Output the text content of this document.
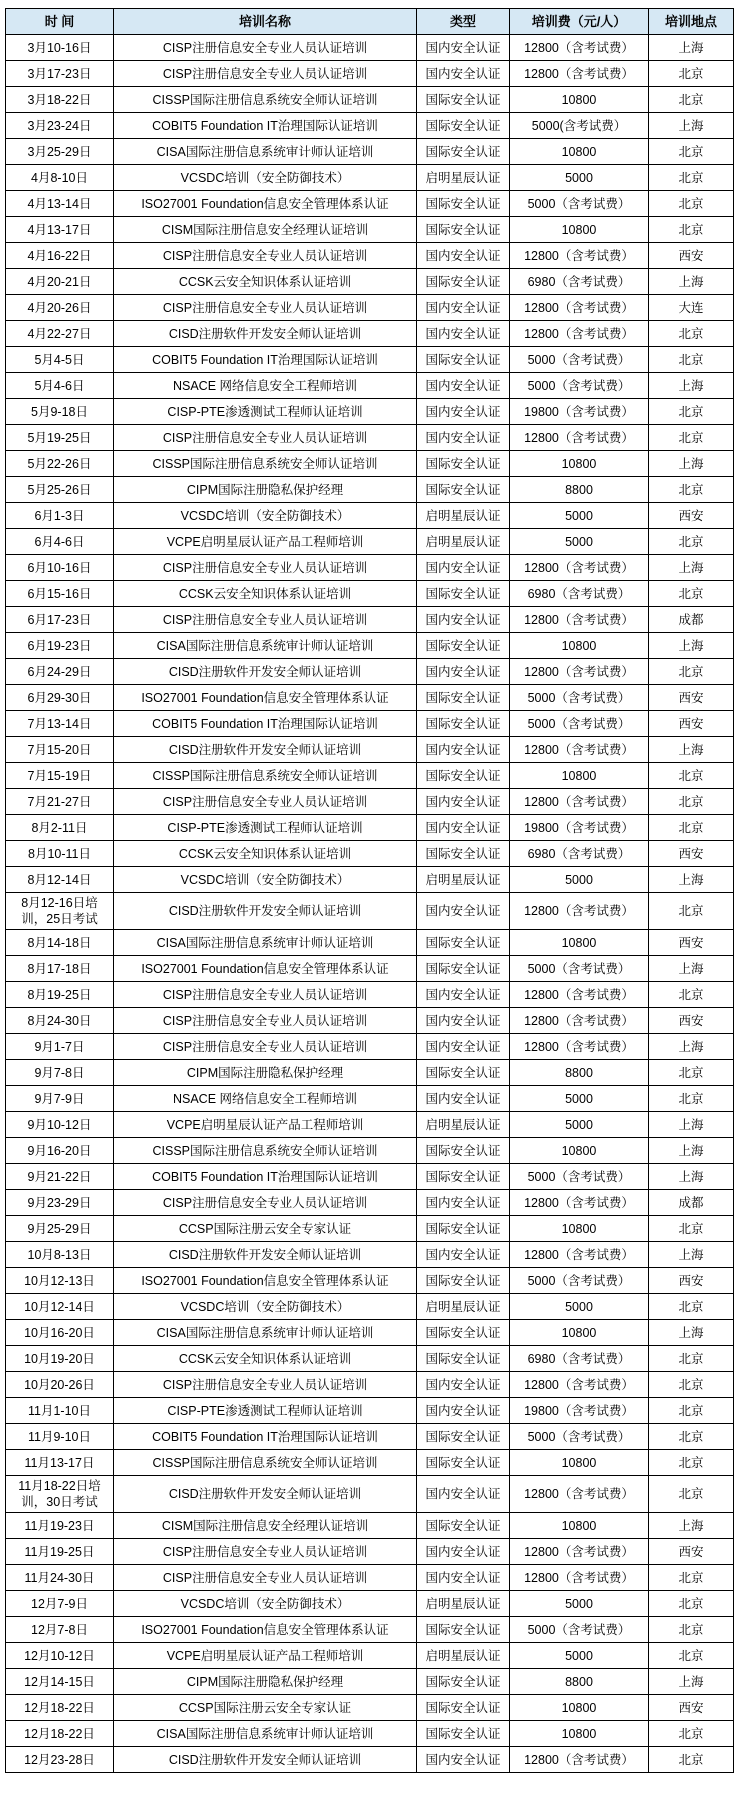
时 间	培训名称	类型	培训费（元/人）	培训地点
3月10-16日	CISP注册信息安全专业人员认证培训	国内安全认证	12800（含考试费）	上海
3月17-23日	CISP注册信息安全专业人员认证培训	国内安全认证	12800（含考试费）	北京
3月18-22日	CISSP国际注册信息系统安全师认证培训	国际安全认证	10800	北京
3月23-24日	COBIT5 Foundation IT治理国际认证培训	国际安全认证	5000(含考试费）	上海
3月25-29日	CISA国际注册信息系统审计师认证培训	国际安全认证	10800	北京
4月8-10日	VCSDC培训（安全防御技术）	启明星辰认证	5000	北京
4月13-14日	ISO27001 Foundation信息安全管理体系认证	国际安全认证	5000（含考试费）	北京
4月13-17日	CISM国际注册信息安全经理认证培训	国际安全认证	10800	北京
4月16-22日	CISP注册信息安全专业人员认证培训	国内安全认证	12800（含考试费）	西安
4月20-21日	CCSK云安全知识体系认证培训	国际安全认证	6980（含考试费）	上海
4月20-26日	CISP注册信息安全专业人员认证培训	国内安全认证	12800（含考试费）	大连
4月22-27日	CISD注册软件开发安全师认证培训	国内安全认证	12800（含考试费）	北京
5月4-5日	COBIT5 Foundation IT治理国际认证培训	国际安全认证	5000（含考试费）	北京
5月4-6日	NSACE 网络信息安全工程师培训	国内安全认证	5000（含考试费）	上海
5月9-18日	CISP-PTE渗透测试工程师认证培训	国内安全认证	19800（含考试费）	北京
5月19-25日	CISP注册信息安全专业人员认证培训	国内安全认证	12800（含考试费）	北京
5月22-26日	CISSP国际注册信息系统安全师认证培训	国际安全认证	10800	上海
5月25-26日	CIPM国际注册隐私保护经理	国际安全认证	8800	北京
6月1-3日	VCSDC培训（安全防御技术）	启明星辰认证	5000	西安
6月4-6日	VCPE启明星辰认证产品工程师培训	启明星辰认证	5000	北京
6月10-16日	CISP注册信息安全专业人员认证培训	国内安全认证	12800（含考试费）	上海
6月15-16日	CCSK云安全知识体系认证培训	国际安全认证	6980（含考试费）	北京
6月17-23日	CISP注册信息安全专业人员认证培训	国内安全认证	12800（含考试费）	成都
6月19-23日	CISA国际注册信息系统审计师认证培训	国际安全认证	10800	上海
6月24-29日	CISD注册软件开发安全师认证培训	国内安全认证	12800（含考试费）	北京
6月29-30日	ISO27001 Foundation信息安全管理体系认证	国际安全认证	5000（含考试费）	西安
7月13-14日	COBIT5 Foundation IT治理国际认证培训	国际安全认证	5000（含考试费）	西安
7月15-20日	CISD注册软件开发安全师认证培训	国内安全认证	12800（含考试费）	上海
7月15-19日	CISSP国际注册信息系统安全师认证培训	国际安全认证	10800	北京
7月21-27日	CISP注册信息安全专业人员认证培训	国内安全认证	12800（含考试费）	北京
8月2-11日	CISP-PTE渗透测试工程师认证培训	国内安全认证	19800（含考试费）	北京
8月10-11日	CCSK云安全知识体系认证培训	国际安全认证	6980（含考试费）	西安
8月12-14日	VCSDC培训（安全防御技术）	启明星辰认证	5000	上海
8月12-16日培训，25日考试	CISD注册软件开发安全师认证培训	国内安全认证	12800（含考试费）	北京
8月14-18日	CISA国际注册信息系统审计师认证培训	国际安全认证	10800	西安
8月17-18日	ISO27001 Foundation信息安全管理体系认证	国际安全认证	5000（含考试费）	上海
8月19-25日	CISP注册信息安全专业人员认证培训	国内安全认证	12800（含考试费）	北京
8月24-30日	CISP注册信息安全专业人员认证培训	国内安全认证	12800（含考试费）	西安
9月1-7日	CISP注册信息安全专业人员认证培训	国内安全认证	12800（含考试费）	上海
9月7-8日	CIPM国际注册隐私保护经理	国际安全认证	8800	北京
9月7-9日	NSACE 网络信息安全工程师培训	国内安全认证	5000	北京
9月10-12日	VCPE启明星辰认证产品工程师培训	启明星辰认证	5000	上海
9月16-20日	CISSP国际注册信息系统安全师认证培训	国际安全认证	10800	上海
9月21-22日	COBIT5 Foundation IT治理国际认证培训	国际安全认证	5000（含考试费）	上海
9月23-29日	CISP注册信息安全专业人员认证培训	国内安全认证	12800（含考试费）	成都
9月25-29日	CCSP国际注册云安全专家认证	国际安全认证	10800	北京
10月8-13日	CISD注册软件开发安全师认证培训	国内安全认证	12800（含考试费）	上海
10月12-13日	ISO27001 Foundation信息安全管理体系认证	国际安全认证	5000（含考试费）	西安
10月12-14日	VCSDC培训（安全防御技术）	启明星辰认证	5000	北京
10月16-20日	CISA国际注册信息系统审计师认证培训	国际安全认证	10800	上海
10月19-20日	CCSK云安全知识体系认证培训	国际安全认证	6980（含考试费）	北京
10月20-26日	CISP注册信息安全专业人员认证培训	国内安全认证	12800（含考试费）	北京
11月1-10日	CISP-PTE渗透测试工程师认证培训	国内安全认证	19800（含考试费）	北京
11月9-10日	COBIT5 Foundation IT治理国际认证培训	国际安全认证	5000（含考试费）	北京
11月13-17日	CISSP国际注册信息系统安全师认证培训	国际安全认证	10800	北京
11月18-22日培训，30日考试	CISD注册软件开发安全师认证培训	国内安全认证	12800（含考试费）	北京
11月19-23日	CISM国际注册信息安全经理认证培训	国际安全认证	10800	上海
11月19-25日	CISP注册信息安全专业人员认证培训	国内安全认证	12800（含考试费）	西安
11月24-30日	CISP注册信息安全专业人员认证培训	国内安全认证	12800（含考试费）	北京
12月7-9日	VCSDC培训（安全防御技术）	启明星辰认证	5000	北京
12月7-8日	ISO27001 Foundation信息安全管理体系认证	国际安全认证	5000（含考试费）	北京
12月10-12日	VCPE启明星辰认证产品工程师培训	启明星辰认证	5000	北京
12月14-15日	CIPM国际注册隐私保护经理	国际安全认证	8800	上海
12月18-22日	CCSP国际注册云安全专家认证	国际安全认证	10800	西安
12月18-22日	CISA国际注册信息系统审计师认证培训	国际安全认证	10800	北京
12月23-28日	CISD注册软件开发安全师认证培训	国内安全认证	12800（含考试费）	北京
